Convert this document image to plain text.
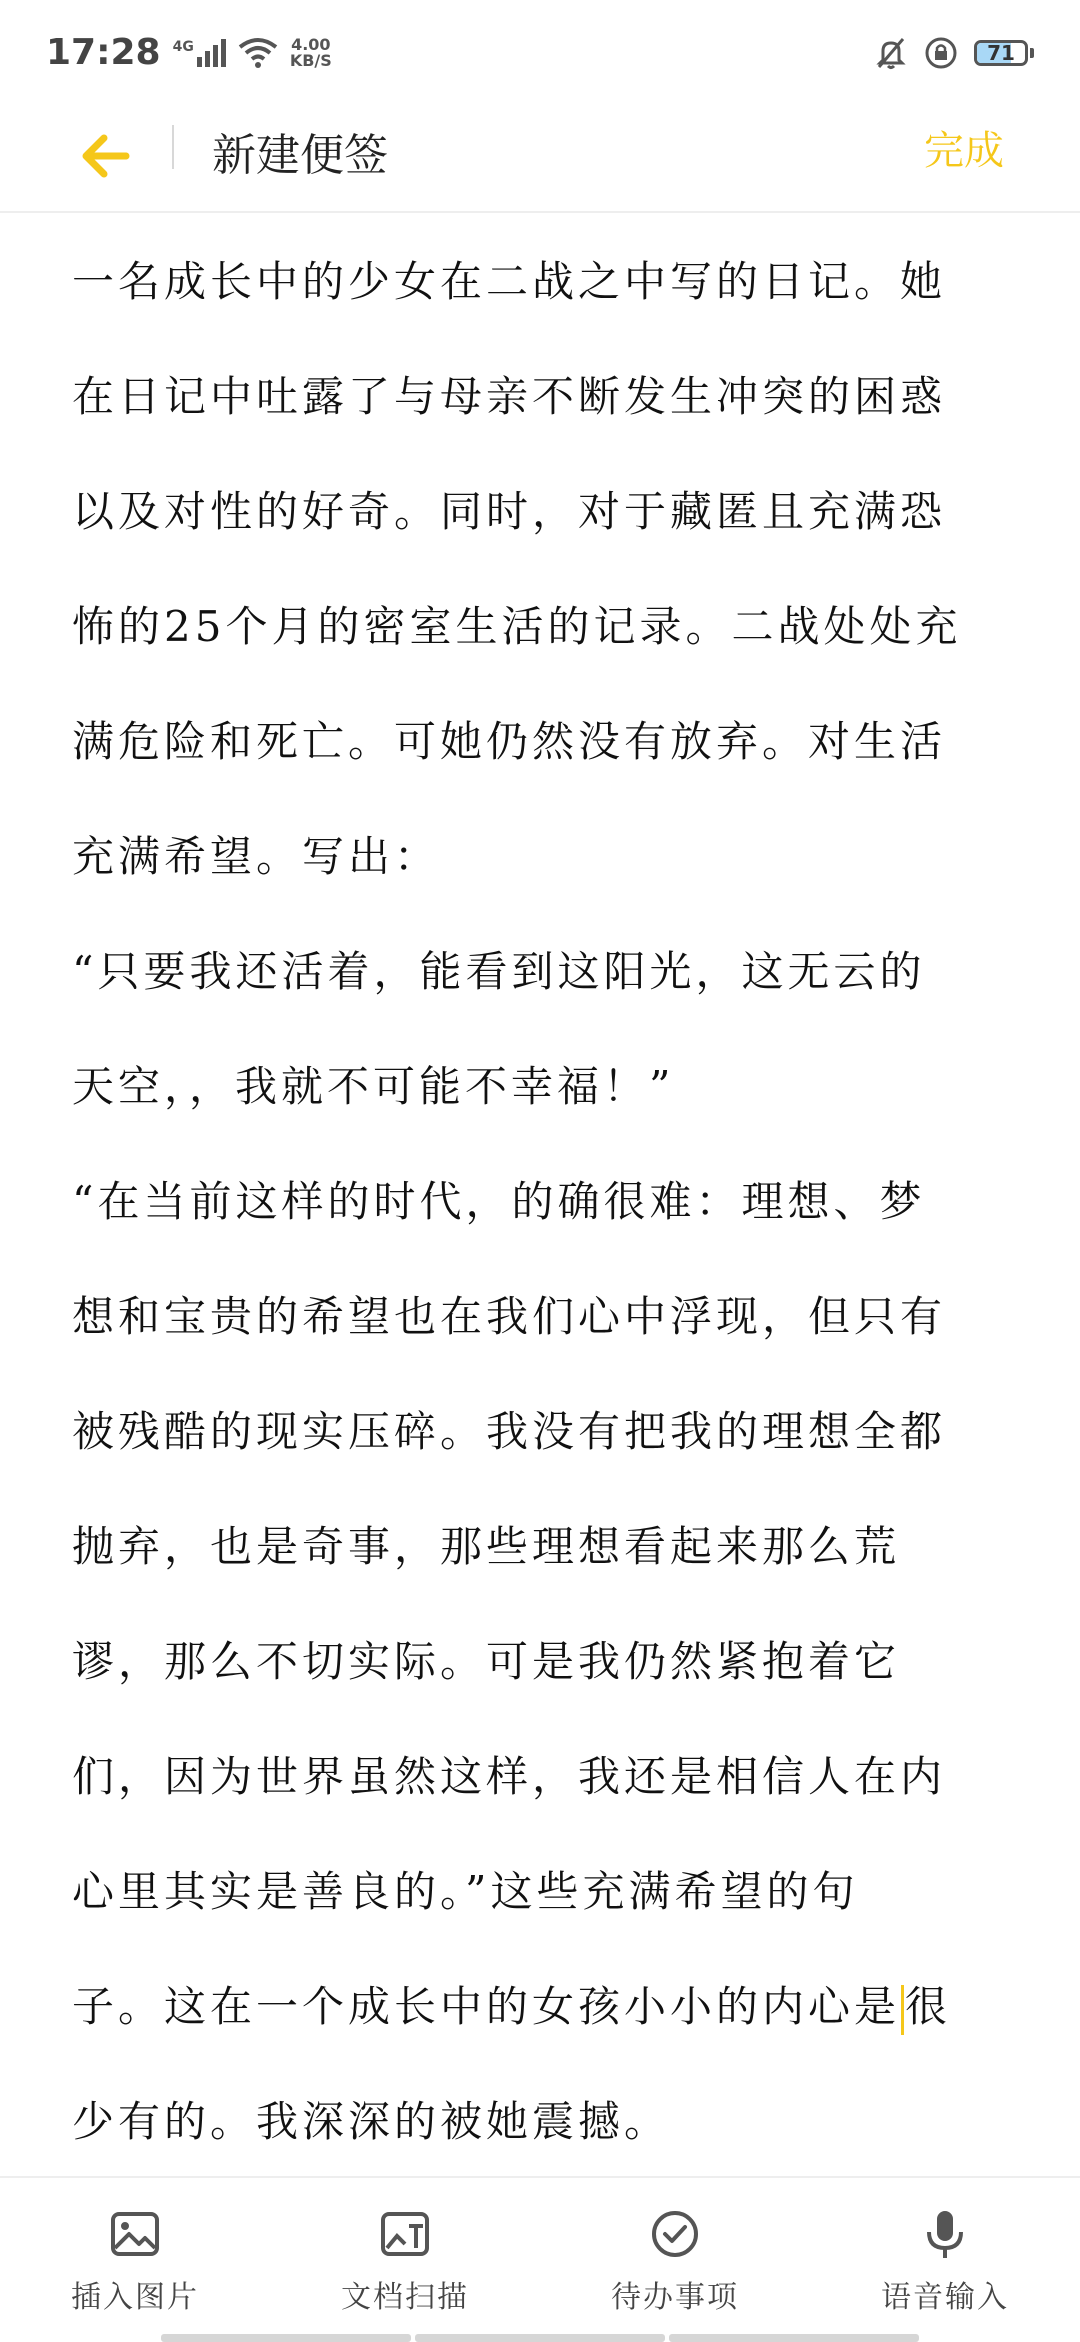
17:28 4G	4.00
KB/S	71
新建便签	完成
一名成长中的少女在二战之中写的日记。她
在日记中吐露了与母亲不断发生冲突的困惑
以及对性的好奇。同时，对于藏匿且充满恐
怖的25个月的密室生活的记录。二战处处充
满危险和死亡。可她仍然没有放弃。对生活
充满希望。写出：
“只要我还活着，能看到这阳光，这无云的
天空，，我就不可能不幸福！”
“在当前这样的时代，的确很难：理想、梦
想和宝贵的希望也在我们心中浮现，但只有
被残酷的现实压碎。我没有把我的理想全都
抛弃，也是奇事，那些理想看起来那么荒
谬，那么不切实际。可是我仍然紧抱着它
们，因为世界虽然这样，我还是相信人在内
心里其实是善良的。”这些充满希望的句
子。这在一个成长中的女孩小小的内心是 很
少有的。我深深的被她震撼。
插入图片	文档扫描	待办事项	语音输入
